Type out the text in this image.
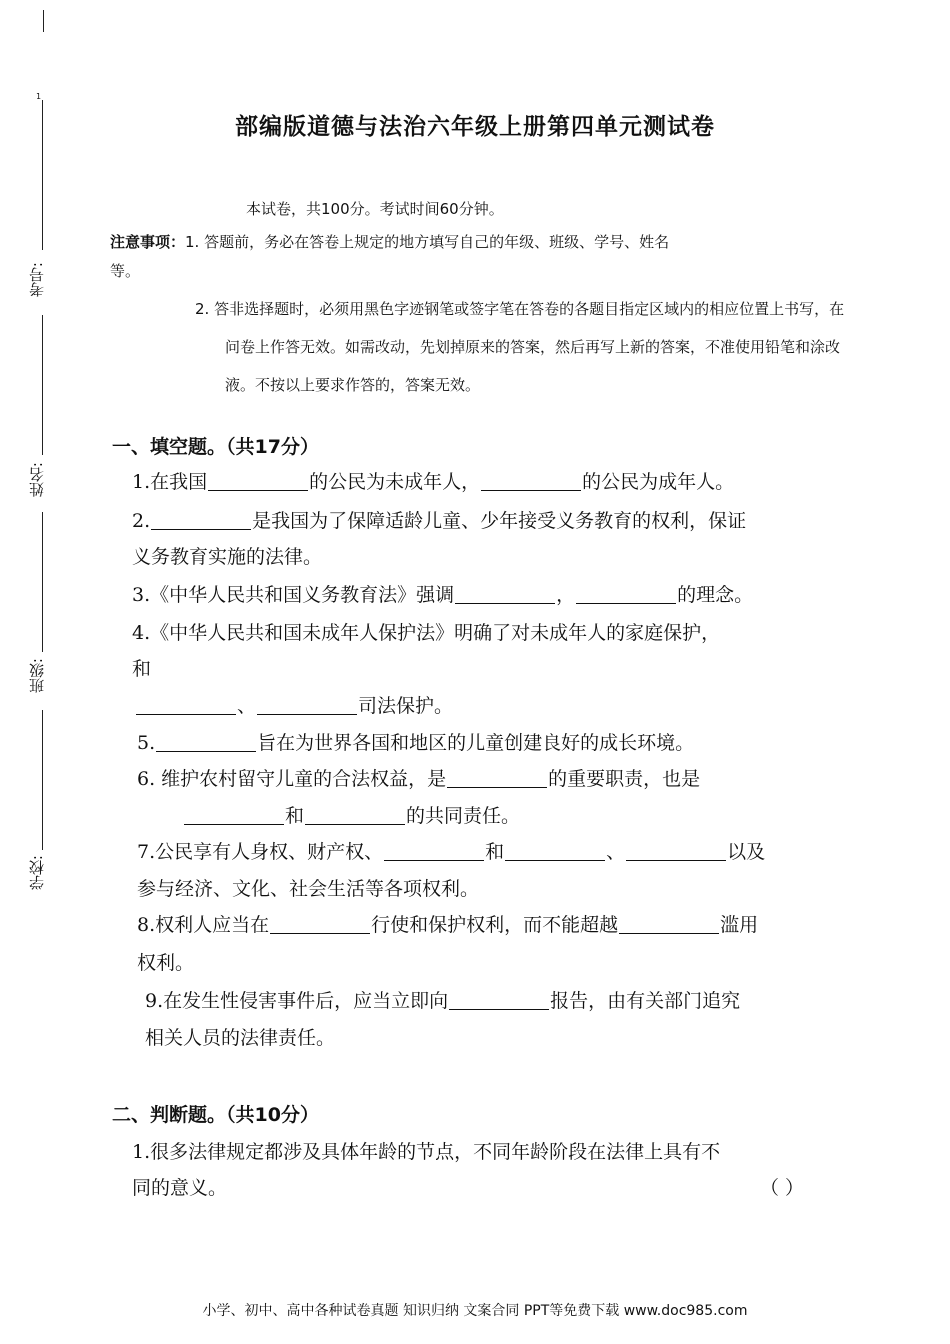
1
考号:
姓名:
班级:
学校:
部编版道德与法治六年级上册第四单元测试卷
本试卷，共100分。考试时间60分钟。
注意事项：1. 答题前，务必在答卷上规定的地方填写自己的年级、班级、学号、姓名
等。
2. 答非选择题时，必须用黑色字迹钢笔或签字笔在答卷的各题目指定区域内的相应位置上书写，在问卷上作答无效。如需改动，先划掉原来的答案，然后再写上新的答案，不准使用铅笔和涂改液。不按以上要求作答的，答案无效。
一、填空题。（共17分）
1.在我国	的公民为未成年人，	的公民为成年人。
2.	是我国为了保障适龄儿童、少年接受义务教育的权利，保证
义务教育实施的法律。
3.《中华人民共和国义务教育法》强调	，	的理念。
4.《中华人民共和国未成年人保护法》明确了对未成年人的家庭保护，
和
、	司法保护。
5.	旨在为世界各国和地区的儿童创建良好的成长环境。
6. 维护农村留守儿童的合法权益，是	的重要职责，也是
和	的共同责任。
7.公民享有人身权、财产权、	和	、	以及
参与经济、文化、社会生活等各项权利。
8.权利人应当在	行使和保护权利，而不能超越	滥用
权利。
9.在发生性侵害事件后，应当立即向	报告，由有关部门追究
相关人员的法律责任。
二、判断题。（共10分）
1.很多法律规定都涉及具体年龄的节点，不同年龄阶段在法律上具有不
同的意义。	（ ）
小学、初中、高中各种试卷真题 知识归纳 文案合同 PPT等免费下载 www.doc985.com
